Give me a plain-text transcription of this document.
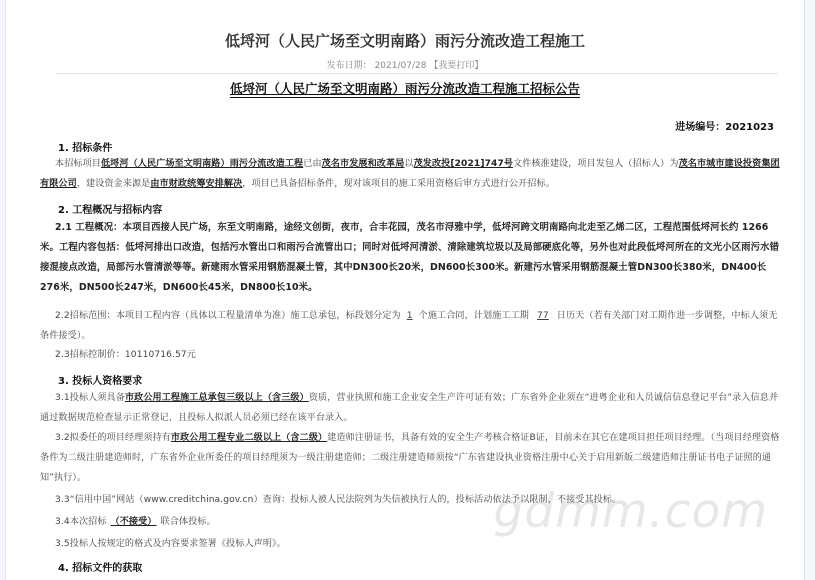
低埒河（人民广场至文明南路）雨污分流改造工程施工
发布日期： 2021/07/28 【我要打印】
低埒河（人民广场至文明南路）雨污分流改造工程施工招标公告
进场编号：2021023
1. 招标条件
本招标项目低埒河（人民广场至文明南路）雨污分流改造工程已由茂名市发展和改革局以茂发改投[2021]747号文件核准建设，项目发包人（招标人）为茂名市城市建设投资集团有限公司，建设资金来源是由市财政统筹安排解决，项目已具备招标条件，现对该项目的施工采用资格后审方式进行公开招标。
2. 工程概况与招标内容
2.1 工程概况：本项目西接人民广场，东至文明南路，途经文创街，夜市，合丰花园，茂名市浔雅中学，低埒河跨文明南路向北走至乙烯二区，工程范围低埒河长约 1266 米。工程内容包括：低埒河排出口改造，包括污水管出口和雨污合流管出口；同时对低埒河清淤、清除建筑垃圾以及局部硬底化等，另外也对此段低埒河所在的文光小区雨污水错接混接点改造，局部污水管清淤等等。新建雨水管采用钢筋混凝土管，其中DN300长20米，DN600长300米。新建污水管采用钢筋混凝土管DN300长380米，DN400长276米，DN500长247米，DN600长45米，DN800长10米。
2.2招标范围：本项目工程内容（具体以工程量清单为准）施工总承包，标段划分定为 1 个施工合同，计划施工工期 77 日历天（若有关部门对工期作进一步调整，中标人须无条件接受）。
2.3招标控制价：10110716.57元
3. 投标人资格要求
3.1投标人须具备市政公用工程施工总承包三级以上（含三级）资质，营业执照和施工企业安全生产许可证有效；广东省外企业须在“进粤企业和人员诚信信息登记平台”录入信息并通过数据规范检查显示正常登记，且投标人拟派人员必须已经在该平台录入。
3.2拟委任的项目经理须持有市政公用工程专业二级以上（含二级）建造师注册证书，具备有效的安全生产考核合格证B证，目前未在其它在建项目担任项目经理。（当项目经理资格条件为二级注册建造师时，广东省外企业所委任的项目经理须为一级注册建造师；二级注册建造师须按“广东省建设执业资格注册中心关于启用新版二级建造师注册证书电子证照的通知”执行）。
3.3“信用中国”网站（www.creditchina.gov.cn）查询：投标人被人民法院列为失信被执行人的，投标活动依法予以限制，不接受其投标。
3.4本次招标 （不接受） 联合体投标。
3.5投标人按规定的格式及内容要求签署《投标人声明》。
4. 招标文件的获取
gdmm.com
